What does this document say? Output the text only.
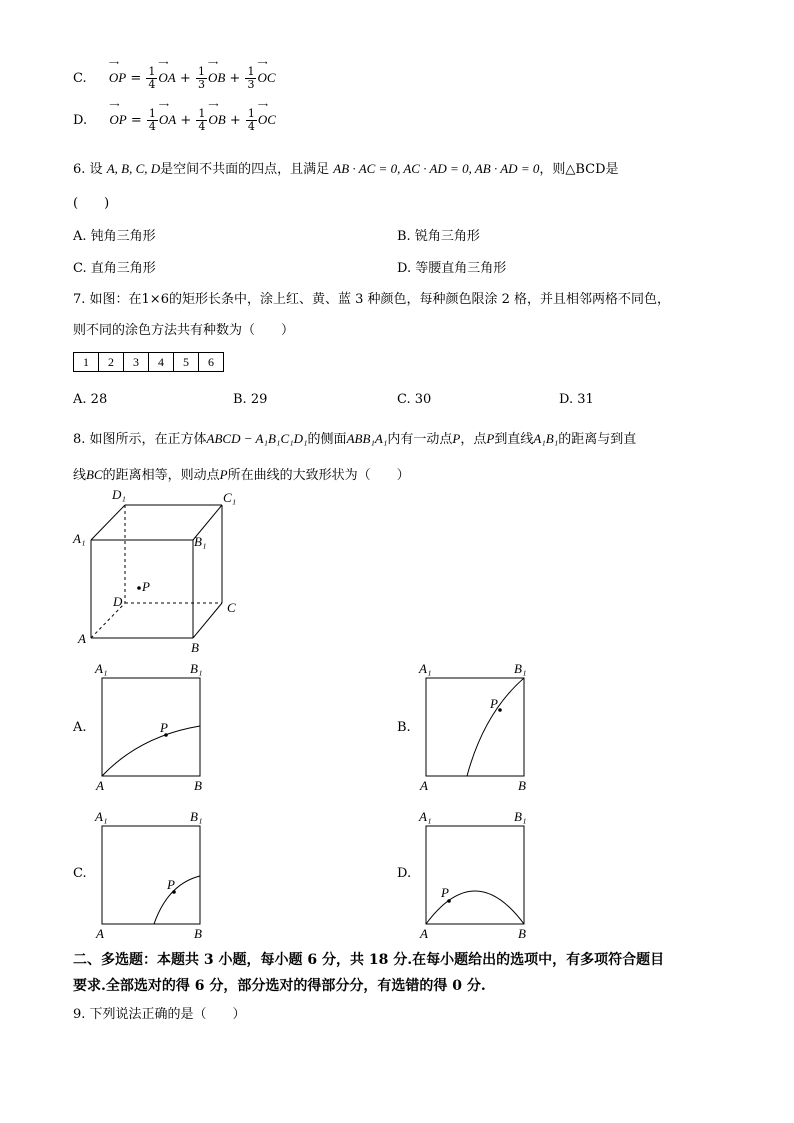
C. OP
⟶
= $\frac{1}{4}$ OA
⟶
+ $\frac{1}{3}$ OB
⟶
+ $\frac{1}{3}$ OC
⟶
D. OP
⟶
= $\frac{1}{4}$ OA
⟶
+ $\frac{1}{4}$ OB
⟶
+ $\frac{1}{4}$ OC
⟶
6. 设 A, B, C, D是空间不共面的四点，且满足 AB · AC = 0, AC · AD = 0, AB · AD = 0，则△BCD是
(　　)
A. 钝角三角形	B. 锐角三角形
C. 直角三角形	D. 等腰直角三角形
7. 如图：在1×6的矩形长条中，涂上红、黄、蓝 3 种颜色，每种颜色限涂 2 格，并且相邻两格不同色，
则不同的涂色方法共有种数为（　　）
1	2	3	4	5	6
A. 28	B. 29	C. 30	D. 31
8. 如图所示，在正方体ABCD − A₁B₁C₁D₁的侧面ABB₁A₁内有一动点P，点P到直线A₁B₁的距离与到直
线BC的距离相等，则动点P所在曲线的大致形状为（　　）
D₁	C₁
A₁	B₁
P
D	C
A
B
A.
A₁	B₁
P
A	B
B.
A₁	B₁
P
A	B
C.
A₁	B₁
P
A	B
D.
A₁	B₁
P
A	B
二、多选题：本题共 3 小题，每小题 6 分，共 18 分.在每小题给出的选项中，有多项符合题目
要求.全部选对的得 6 分，部分选对的得部分分，有选错的得 0 分.
9. 下列说法正确的是（　　）
